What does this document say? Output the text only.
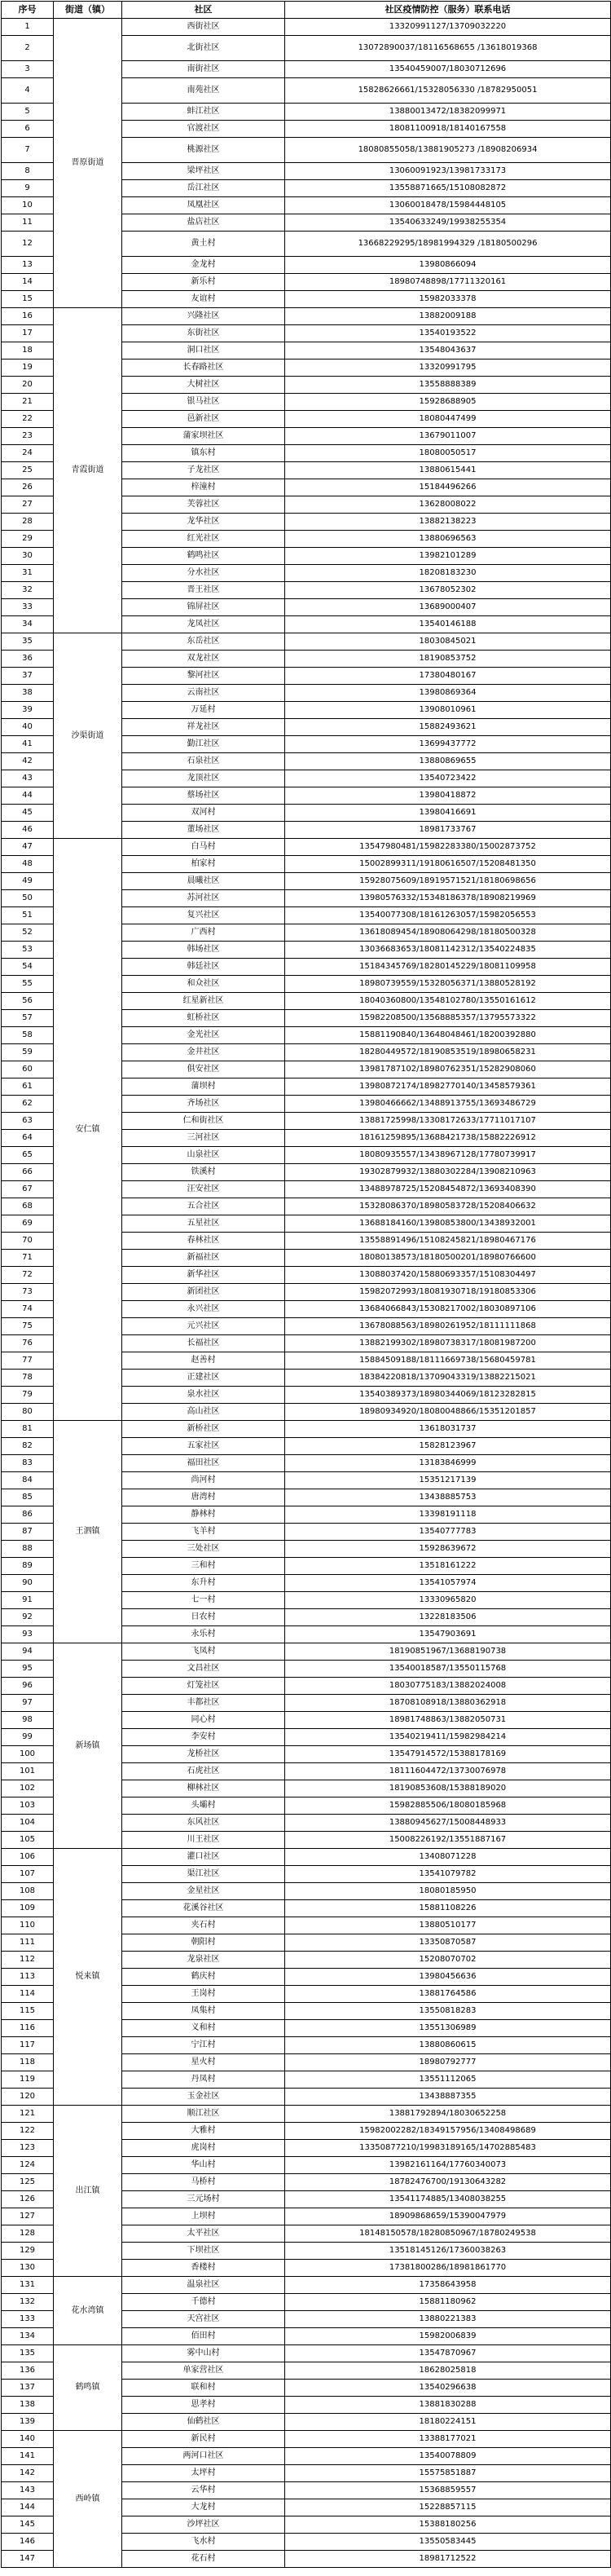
序号	街道（镇）	社区	社区疫情防控（服务）联系电话
1	晋原街道	西街社区	13320991127/13709032220
2		北街社区	13072890037/18116568655 /13618019368
3		南街社区	13540459007/18030712696
4		南苑社区	15828626661/15328056330 /18782950051
5		蚌江社区	13880013472/18382099971
6		官渡社区	18081100918/18140167558
7		桃源社区	18080855058/13881905273 /18908206934
8		梁坪社区	13060091923/13981733173
9		岳江社区	13558871665/15108082872
10		凤凰社区	13060018478/15984448105
11		盐店社区	13540633249/19938255354
12		黄土村	13668229295/18981994329 /18180500296
13		金龙村	13980866094
14		新乐村	18980748898/17711320161
15		友谊村	15982033378
16	青霞街道	兴隆社区	13882009188
17		东街社区	13540193522
18		洞口社区	13548043637
19		长春路社区	13320991795
20		大树社区	13558888389
21		银马社区	15928688905
22		邑新社区	18080447499
23		蒲家坝社区	13679011007
24		镇东村	18080050517
25		子龙社区	13880615441
26		梓潼村	15184496266
27		芙蓉社区	13628008022
28		龙华社区	13882138223
29		红光社区	13880696563
30		鹤鸣社区	13982101289
31		分水社区	18208183230
32		晋王社区	13678052302
33		锦屏社区	13689000407
34		龙凤社区	13540146188
35	沙渠街道	东岳社区	18030845021
36		双龙社区	18190853752
37		黎河社区	17380480167
38		云南社区	13980869364
39		万延村	13908010961
40		祥龙社区	15882493621
41		勤江社区	13699437772
42		石泉社区	13880869655
43		龙顶社区	13540723422
44		蔡场社区	13980418872
45		双河村	13980416691
46		董场社区	18981733767
47	安仁镇	白马村	13547980481/15982283380/15002873752
48		柏家村	15002899311/19180616507/15208481350
49		晨曦社区	15928075609/18919571521/18180698656
50		苏河社区	13980576332/15348186378/18908219969
51		复兴社区	13540077308/18161263057/15982056553
52		广西村	13618089454/18908064298/18180500328
53		韩场社区	13036683653/18081142312/13540224835
54		韩廷社区	15184345769/18280145229/18081109958
55		和众社区	18980739559/15328056371/13880528192
56		红星新社区	18040360800/13548102780/13550161612
57		虹桥社区	15982208500/13568885357/13795573322
58		金光社区	15881190840/13648048461/18200392880
59		金井社区	18280449572/18190853519/18980658231
60		俱安社区	13981787102/18980762351/15282908060
61		蒲坝村	13980872174/18982770140/13458579361
62		齐场社区	13980466662/13488913755/13693486729
63		仁和街社区	13881725998/13308172633/17711017107
64		三河社区	18161259895/13688421738/15882226912
65		山泉社区	18080935557/13438967128/17780739917
66		铁溪村	19302879932/13880302284/13908210963
67		汪安社区	13488978725/15208454872/13693408390
68		五合社区	15328086370/18980583728/15208406632
69		五星社区	13688184160/13980853800/13438932001
70		春林社区	13558891496/15108245821/18980467176
71		新福社区	18080138573/18180500201/18980766600
72		新华社区	13088037420/15880693357/15108304497
73		新团社区	15982072993/18081930718/19180853306
74		永兴社区	13684066843/15308217002/18030897106
75		元兴社区	13678088563/18980261952/18111111868
76		长福社区	13882199302/18980738317/18081987200
77		赵善村	15884509188/18111669738/15680459781
78		正建社区	18384220818/13709043319/13882215021
79		泉水社区	13540389373/18980344069/18123282815
80		高山社区	18980934920/18080048866/15351201857
81	王泗镇	新桥社区	13618031737
82		五家社区	15828123967
83		福田社区	13183846999
84		尚河村	15351217139
85		唐湾村	13438885753
86		静林村	13398191118
87		飞羊村	13540777783
88		三处社区	15928639672
89		三和村	13518161222
90		东升村	13541057974
91		七一村	13330965820
92		日农村	13228183506
93		永乐村	13547903691
94	新场镇	飞凤村	18190851967/13688190738
95		文昌社区	13540018587/13550115768
96		灯笼社区	18030775183/13882024008
97		丰都社区	18708108918/13880362918
98		同心村	18981748863/13882050731
99		李安村	13540219411/15982984214
100		龙桥社区	13547914572/15388178169
101		石虎社区	18111604472/13730076978
102		柳林社区	18190853608/15388189020
103		头壩村	15982885506/18080185968
104		东风社区	13880945627/15008448933
105		川王社区	15008226192/13551887167
106	悦来镇	灌口社区	13408071228
107		渠江社区	13541079782
108		金星社区	18080185950
109		花溪谷社区	15881108226
110		夹石村	13880510177
111		朝阳村	13350870587
112		龙泉社区	15208070702
113		鹤庆村	13980456636
114		王岗村	13881764586
115		凤集村	13550818283
116		义和村	13551306989
117		宁江村	13880860615
118		星火村	18980792777
119		丹凤村	13551112065
120		玉金社区	13438887355
121	出江镇	顺江社区	13881792894/18030652258
122		大雅村	15982002282/18349157956/13408498689
123		虎岗村	13350877210/19983189165/14702885483
124		华山村	13982161164/17760340073
125		马桥村	18782476700/19130643282
126		三元场村	13541174885/13408038255
127		上坝村	18909868659/15390047979
128		太平社区	18148150578/18280850967/18780249538
129		下坝社区	13518145126/17360038263
130		香楼村	17381800286/18981861770
131	花水湾镇	温泉社区	17358643958
132		千德村	15881180962
133		天宫社区	13880221383
134		佰田村	15982006839
135	鹤鸣镇	雾中山村	13547870967
136		单家营社区	18628025818
137		联和村	13540296638
138		思孝村	13881830288
139		仙鹤社区	18180224151
140	西岭镇	新民村	13388177021
141		两河口社区	13540078809
142		太坪村	15575851887
143		云华村	15368859557
144		大龙村	15228857115
145		沙坪社区	15388180256
146		飞水村	13550583445
147		花石村	18981712522
